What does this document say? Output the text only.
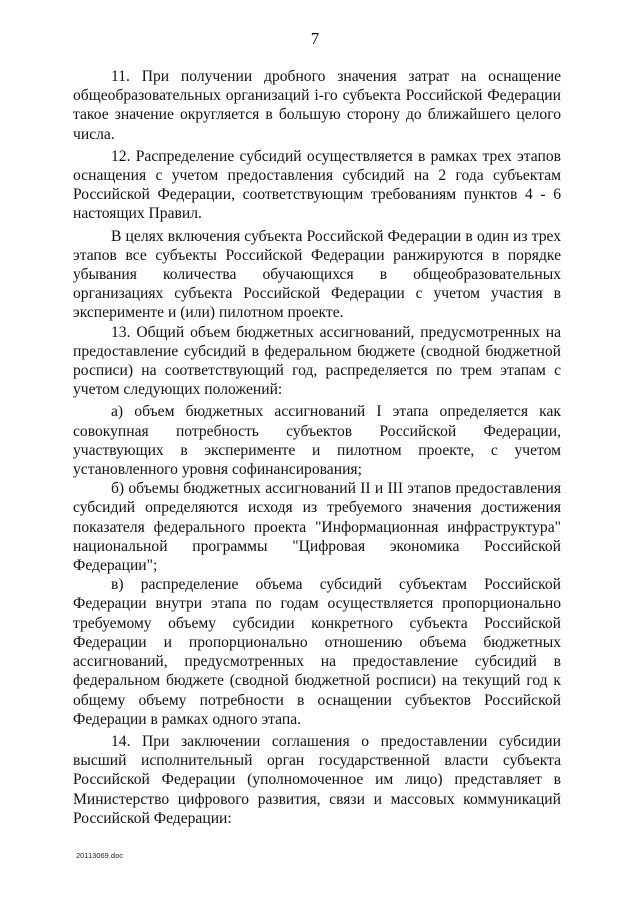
7

11. При получении дробного значения затрат на оснащение общеобразовательных организаций i-го субъекта Российской Федерации такое значение округляется в большую сторону до ближайшего целого числа.

12. Распределение субсидий осуществляется в рамках трех этапов оснащения с учетом предоставления субсидий на 2 года субъектам Российской Федерации, соответствующим требованиям пунктов 4 - 6 настоящих Правил.

В целях включения субъекта Российской Федерации в один из трех этапов все субъекты Российской Федерации ранжируются в порядке убывания количества обучающихся в общеобразовательных организациях субъекта Российской Федерации с учетом участия в эксперименте и (или) пилотном проекте.

13. Общий объем бюджетных ассигнований, предусмотренных на предоставление субсидий в федеральном бюджете (сводной бюджетной росписи) на соответствующий год, распределяется по трем этапам с учетом следующих положений:

а) объем бюджетных ассигнований I этапа определяется как совокупная потребность субъектов Российской Федерации, участвующих в эксперименте и пилотном проекте, с учетом установленного уровня софинансирования;

б) объемы бюджетных ассигнований II и III этапов предоставления субсидий определяются исходя из требуемого значения достижения показателя федерального проекта "Информационная инфраструктура" национальной программы "Цифровая экономика Российской Федерации";

в) распределение объема субсидий субъектам Российской Федерации внутри этапа по годам осуществляется пропорционально требуемому объему субсидии конкретного субъекта Российской Федерации и пропорционально отношению объема бюджетных ассигнований, предусмотренных на предоставление субсидий в федеральном бюджете (сводной бюджетной росписи) на текущий год к общему объему потребности в оснащении субъектов Российской Федерации в рамках одного этапа.

14. При заключении соглашения о предоставлении субсидии высший исполнительный орган государственной власти субъекта Российской Федерации (уполномоченное им лицо) представляет в Министерство цифрового развития, связи и массовых коммуникаций Российской Федерации:

20113069.doc
